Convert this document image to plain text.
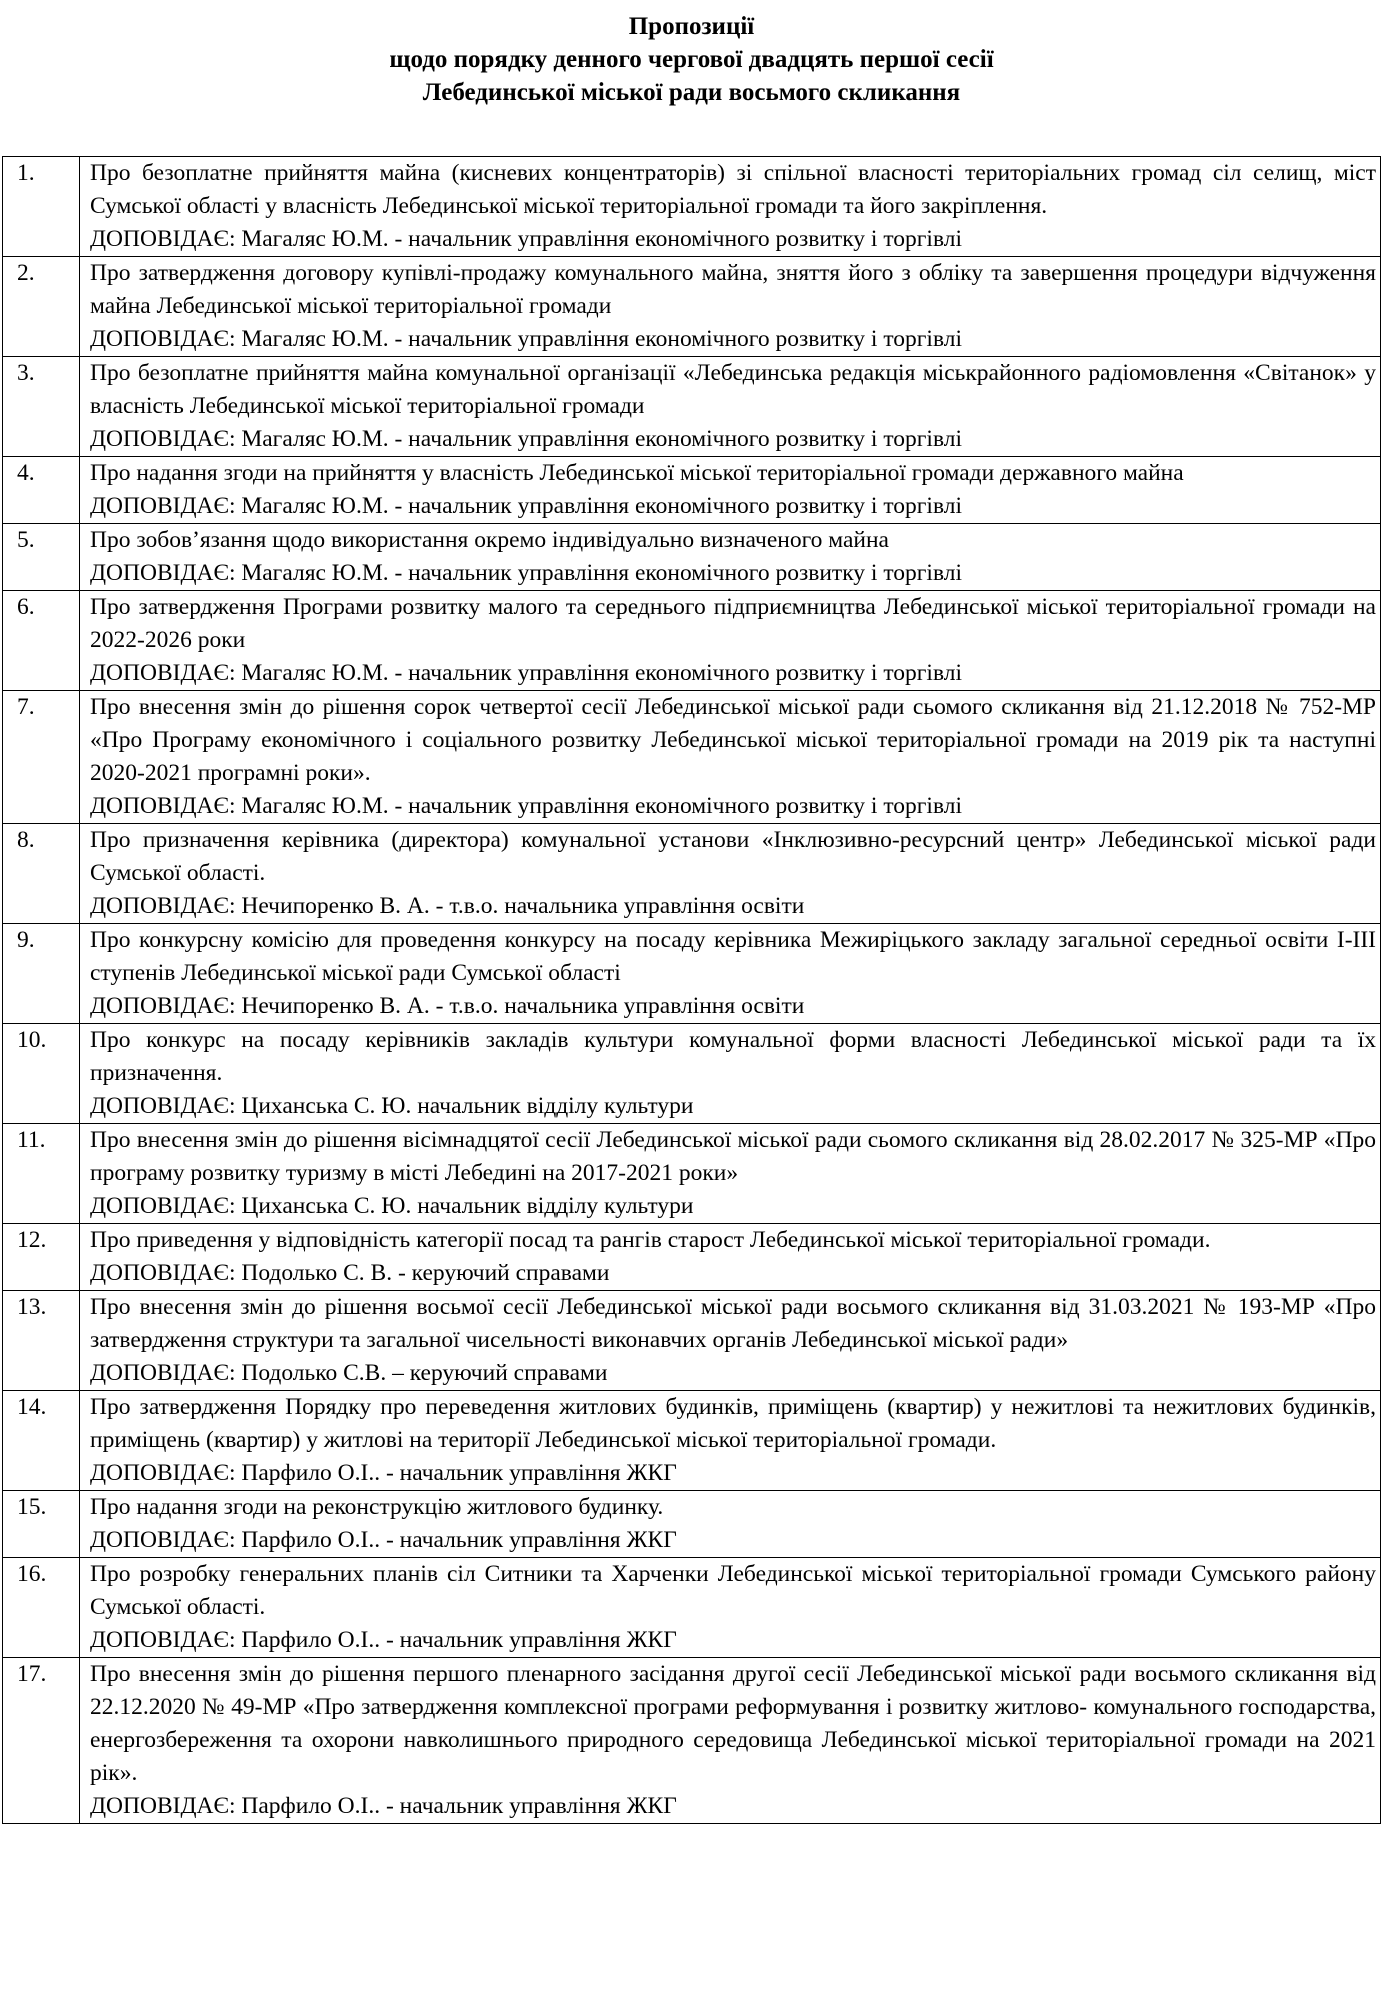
Пропозиції
щодо порядку денного чергової двадцять першої сесії
Лебединської міської ради восьмого скликання
1.	Про безоплатне прийняття майна (кисневих концентраторів) зі спільної власності територіальних громад сіл селищ, міст Сумської області у власність Лебединської міської територіальної громади та його закріплення.
ДОПОВІДАЄ: Магаляс Ю.М. - начальник управління економічного розвитку і торгівлі

2.	Про затвердження договору купівлі-продажу комунального майна, зняття його з обліку та завершення процедури відчуження майна Лебединської міської територіальної громади
ДОПОВІДАЄ: Магаляс Ю.М. - начальник управління економічного розвитку і торгівлі

3.	Про безоплатне прийняття майна комунальної організації «Лебединська редакція міськрайонного радіомовлення «Світанок» у власність Лебединської міської територіальної громади
ДОПОВІДАЄ: Магаляс Ю.М. - начальник управління економічного розвитку і торгівлі

4.	Про надання згоди на прийняття у власність Лебединської міської територіальної громади державного майна
ДОПОВІДАЄ: Магаляс Ю.М. - начальник управління економічного розвитку і торгівлі

5.	Про зобов’язання щодо використання окремо індивідуально визначеного майна
ДОПОВІДАЄ: Магаляс Ю.М. - начальник управління економічного розвитку і торгівлі

6.	Про затвердження Програми розвитку малого та середнього підприємництва Лебединської міської територіальної громади на 2022-2026 роки
ДОПОВІДАЄ: Магаляс Ю.М. - начальник управління економічного розвитку і торгівлі

7.	Про внесення змін до рішення сорок четвертої сесії Лебединської міської ради сьомого скликання від 21.12.2018 № 752-МР «Про Програму економічного і соціального розвитку Лебединської міської територіальної громади на 2019 рік та наступні 2020-2021 програмні роки».
ДОПОВІДАЄ: Магаляс Ю.М. - начальник управління економічного розвитку і торгівлі

8.	Про призначення керівника (директора) комунальної установи «Інклюзивно-ресурсний центр» Лебединської міської ради Сумської області.
ДОПОВІДАЄ: Нечипоренко В. А. - т.в.о. начальника управління освіти

9.	Про конкурсну комісію для проведення конкурсу на посаду керівника Межиріцького закладу загальної середньої освіти І-ІІІ ступенів Лебединської міської ради Сумської області
ДОПОВІДАЄ: Нечипоренко В. А. - т.в.о. начальника управління освіти

10.	Про конкурс на посаду керівників закладів культури комунальної форми власності Лебединської міської ради та їх призначення.
ДОПОВІДАЄ: Циханська С. Ю. начальник відділу культури

11.	Про внесення змін до рішення вісімнадцятої сесії Лебединської міської ради сьомого скликання від 28.02.2017 № 325-МР «Про програму розвитку туризму в місті Лебедині на 2017-2021 роки»
ДОПОВІДАЄ: Циханська С. Ю. начальник відділу культури

12.	Про приведення у відповідність категорії посад та рангів старост Лебединської міської територіальної громади.
ДОПОВІДАЄ: Подолько С. В. - керуючий справами

13.	Про внесення змін до рішення восьмої сесії Лебединської міської ради восьмого скликання від 31.03.2021 № 193-МР «Про затвердження структури та загальної чисельності виконавчих органів Лебединської міської ради»
ДОПОВІДАЄ: Подолько С.В. – керуючий справами

14.	Про затвердження Порядку про переведення житлових будинків, приміщень (квартир) у нежитлові та нежитлових будинків, приміщень (квартир) у житлові на території Лебединської міської територіальної громади.
ДОПОВІДАЄ: Парфило О.І.. - начальник управління ЖКГ

15.	Про надання згоди на реконструкцію житлового будинку.
ДОПОВІДАЄ: Парфило О.І.. - начальник управління ЖКГ

16.	Про розробку генеральних планів сіл Ситники та Харченки Лебединської міської територіальної громади Сумського району Сумської області.
ДОПОВІДАЄ: Парфило О.І.. - начальник управління ЖКГ

17.	Про внесення змін до рішення першого пленарного засідання другої сесії Лебединської міської ради восьмого скликання від 22.12.2020 № 49-МР «Про затвердження комплексної програми реформування і розвитку житлово- комунального господарства, енергозбереження та охорони навколишнього природного середовища Лебединської міської територіальної громади на 2021 рік».
ДОПОВІДАЄ: Парфило О.І.. - начальник управління ЖКГ
